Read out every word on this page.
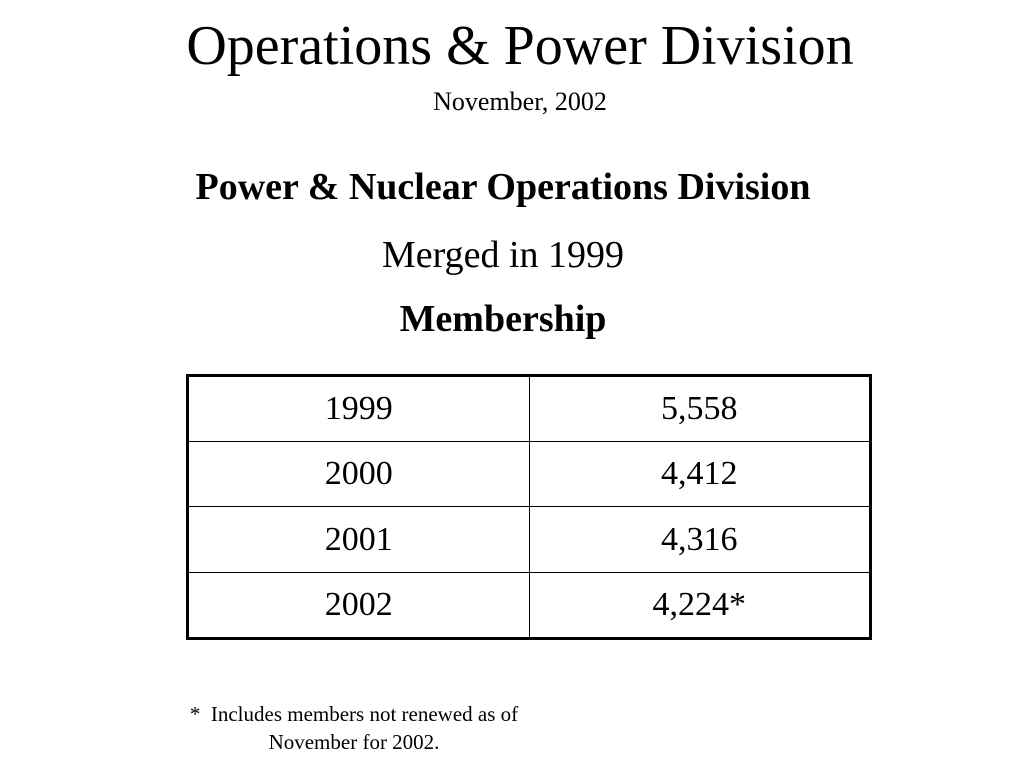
Operations & Power Division
November, 2002
Power & Nuclear Operations Division
Merged in 1999
Membership
1999	5,558
2000	4,412
2001	4,316
2002	4,224*
*  Includes members not renewed as of
November for 2002.
